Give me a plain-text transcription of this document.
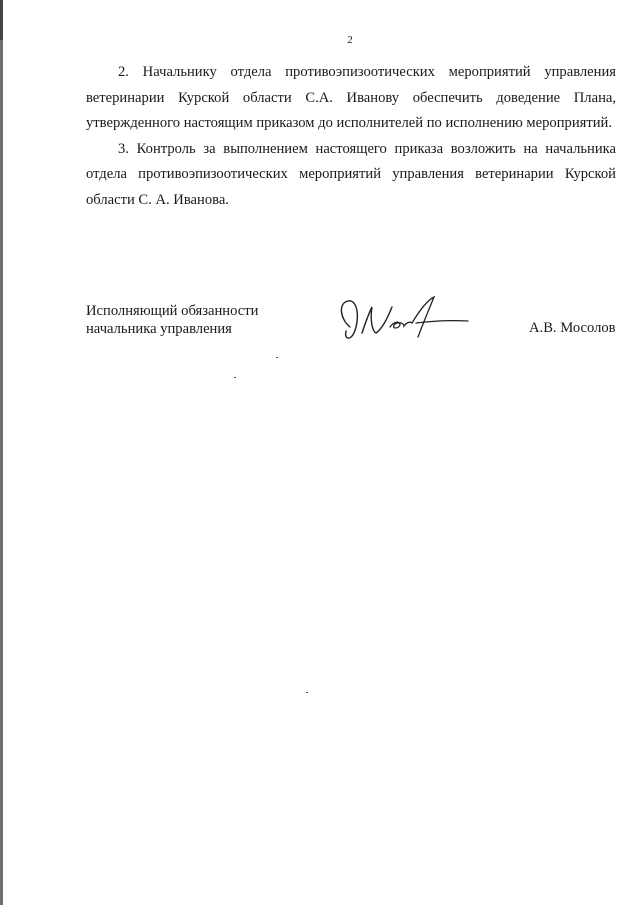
2

2. Начальнику отдела противоэпизоотических мероприятий управления ветеринарии Курской области С.А. Иванову обеспечить доведение Плана, утвержденного настоящим приказом до исполнителей по исполнению мероприятий.

3. Контроль за выполнением настоящего приказа возложить на начальника отдела противоэпизоотических мероприятий управления ветеринарии Курской области С. А. Иванова.

Исполняющий обязанности
начальника управления	А.В. Мосолов
